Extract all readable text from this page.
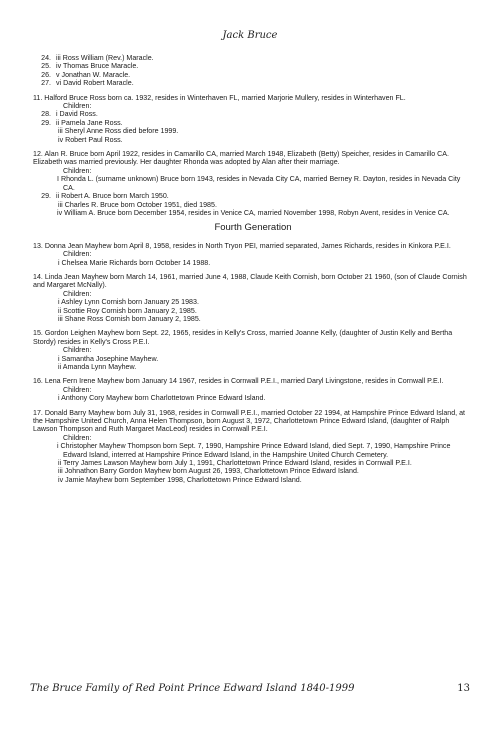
Jack Bruce
24. iii Ross William (Rev.) Maracle.
25. iv Thomas Bruce Maracle.
26. v Jonathan W. Maracle.
27. vi David Robert Maracle.
11. Halford Bruce Ross born ca. 1932, resides in Winterhaven FL, married Marjorie Mullery, resides in Winterhaven FL.
Children:
28. i David Ross.
29. ii Pamela Jane Ross.
iii Sheryl Anne Ross died before 1999.
iv Robert Paul Ross.
12. Alan R. Bruce born April 1922, resides in Camarillo CA, married March 1948, Elizabeth (Betty) Speicher, resides in Camarillo CA. Elizabeth was married previously. Her daughter Rhonda was adopted by Alan after their marriage.
Children:
I Rhonda L. (surname unknown) Bruce born 1943, resides in Nevada City CA, married Berney R. Dayton, resides in Nevada City CA.
29. ii Robert A. Bruce born March 1950.
iii Charles R. Bruce born October 1951, died 1985.
iv William A. Bruce born December 1954, resides in Venice CA, married November 1998, Robyn Avent, resides in Venice CA.
Fourth Generation
13. Donna Jean Mayhew born April 8, 1958, resides in North Tryon PEI, married separated, James Richards, resides in Kinkora P.E.I.
Children:
i Chelsea Marie Richards born October 14 1988.
14. Linda Jean Mayhew born March 14, 1961, married June 4, 1988, Claude Keith Cornish, born October 21 1960, (son of Claude Cornish and Margaret McNally).
Children:
i Ashley Lynn Cornish born January 25 1983.
ii Scottie Roy Cornish born January 2, 1985.
iii Shane Ross Cornish born January 2, 1985.
15. Gordon Leighen Mayhew born Sept. 22, 1965, resides in Kelly's Cross, married Joanne Kelly, (daughter of Justin Kelly and Bertha Stordy) resides in Kelly's Cross P.E.I.
Children:
i Samantha Josephine Mayhew.
ii Amanda Lynn Mayhew.
16. Lena Fern Irene Mayhew born January 14 1967, resides in Cornwall P.E.I., married Daryl Livingstone, resides in Cornwall P.E.I.
Children:
i Anthony Cory Mayhew born Charlottetown Prince Edward Island.
17. Donald Barry Mayhew born July 31, 1968, resides in Cornwall P.E.I., married October 22 1994, at Hampshire Prince Edward Island, at the Hampshire United Church, Anna Helen Thompson, born August 3, 1972, Charlottetown Prince Edward Island, (daughter of Ralph Lawson Thompson and Ruth Margaret MacLeod) resides in Cornwall P.E.I.
Children:
i Christopher Mayhew Thompson born Sept. 7, 1990, Hampshire Prince Edward Island, died Sept. 7, 1990, Hampshire Prince Edward Island, interred at Hampshire Prince Edward Island, in the Hampshire United Church Cemetery.
ii Terry James Lawson Mayhew born July 1, 1991, Charlottetown Prince Edward Island, resides in Cornwall P.E.I.
iii Johnathon Barry Gordon Mayhew born August 26, 1993, Charlottetown Prince Edward Island.
iv Jamie Mayhew born September 1998, Charlottetown Prince Edward Island.
The Bruce Family of Red Point Prince Edward Island 1840-1999	13
